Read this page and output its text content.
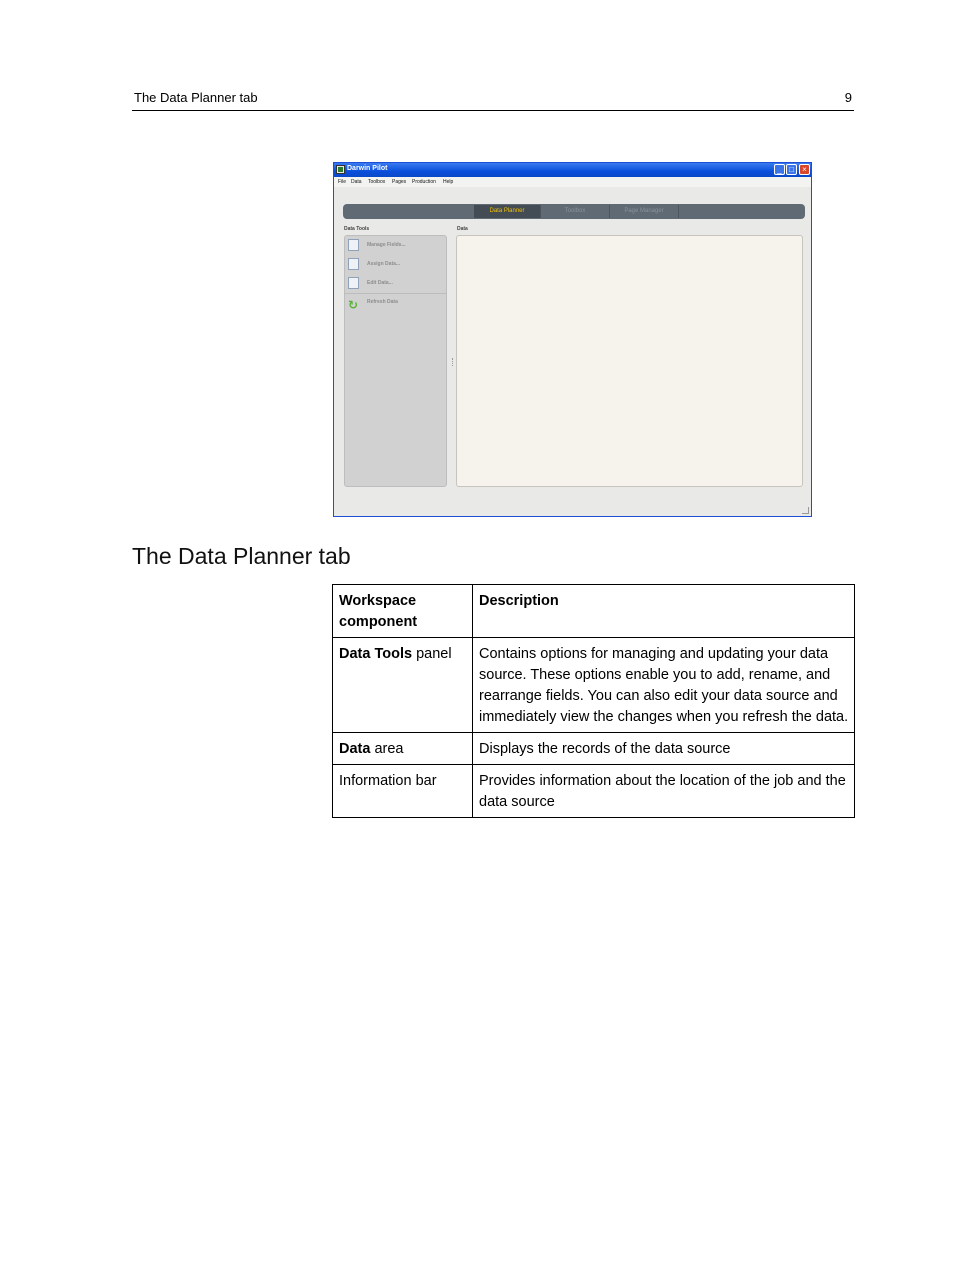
The Data Planner tab	9
Darwin Pilot	_ □	×
File Data Toolbox Pages Production Help
Data Planner	Toolbox	Page Manager
Data Tools	Data
Manage Fields...
Assign Data...
Edit Data...
↻
Refresh Data
The Data Planner tab
Workspace component	Description
Data Tools panel	Contains options for managing and updating your data source. These options enable you to add, rename, and rearrange fields. You can also edit your data source and immediately view the changes when you refresh the data.
Data area	Displays the records of the data source
Information bar	Provides information about the location of the job and the data source
